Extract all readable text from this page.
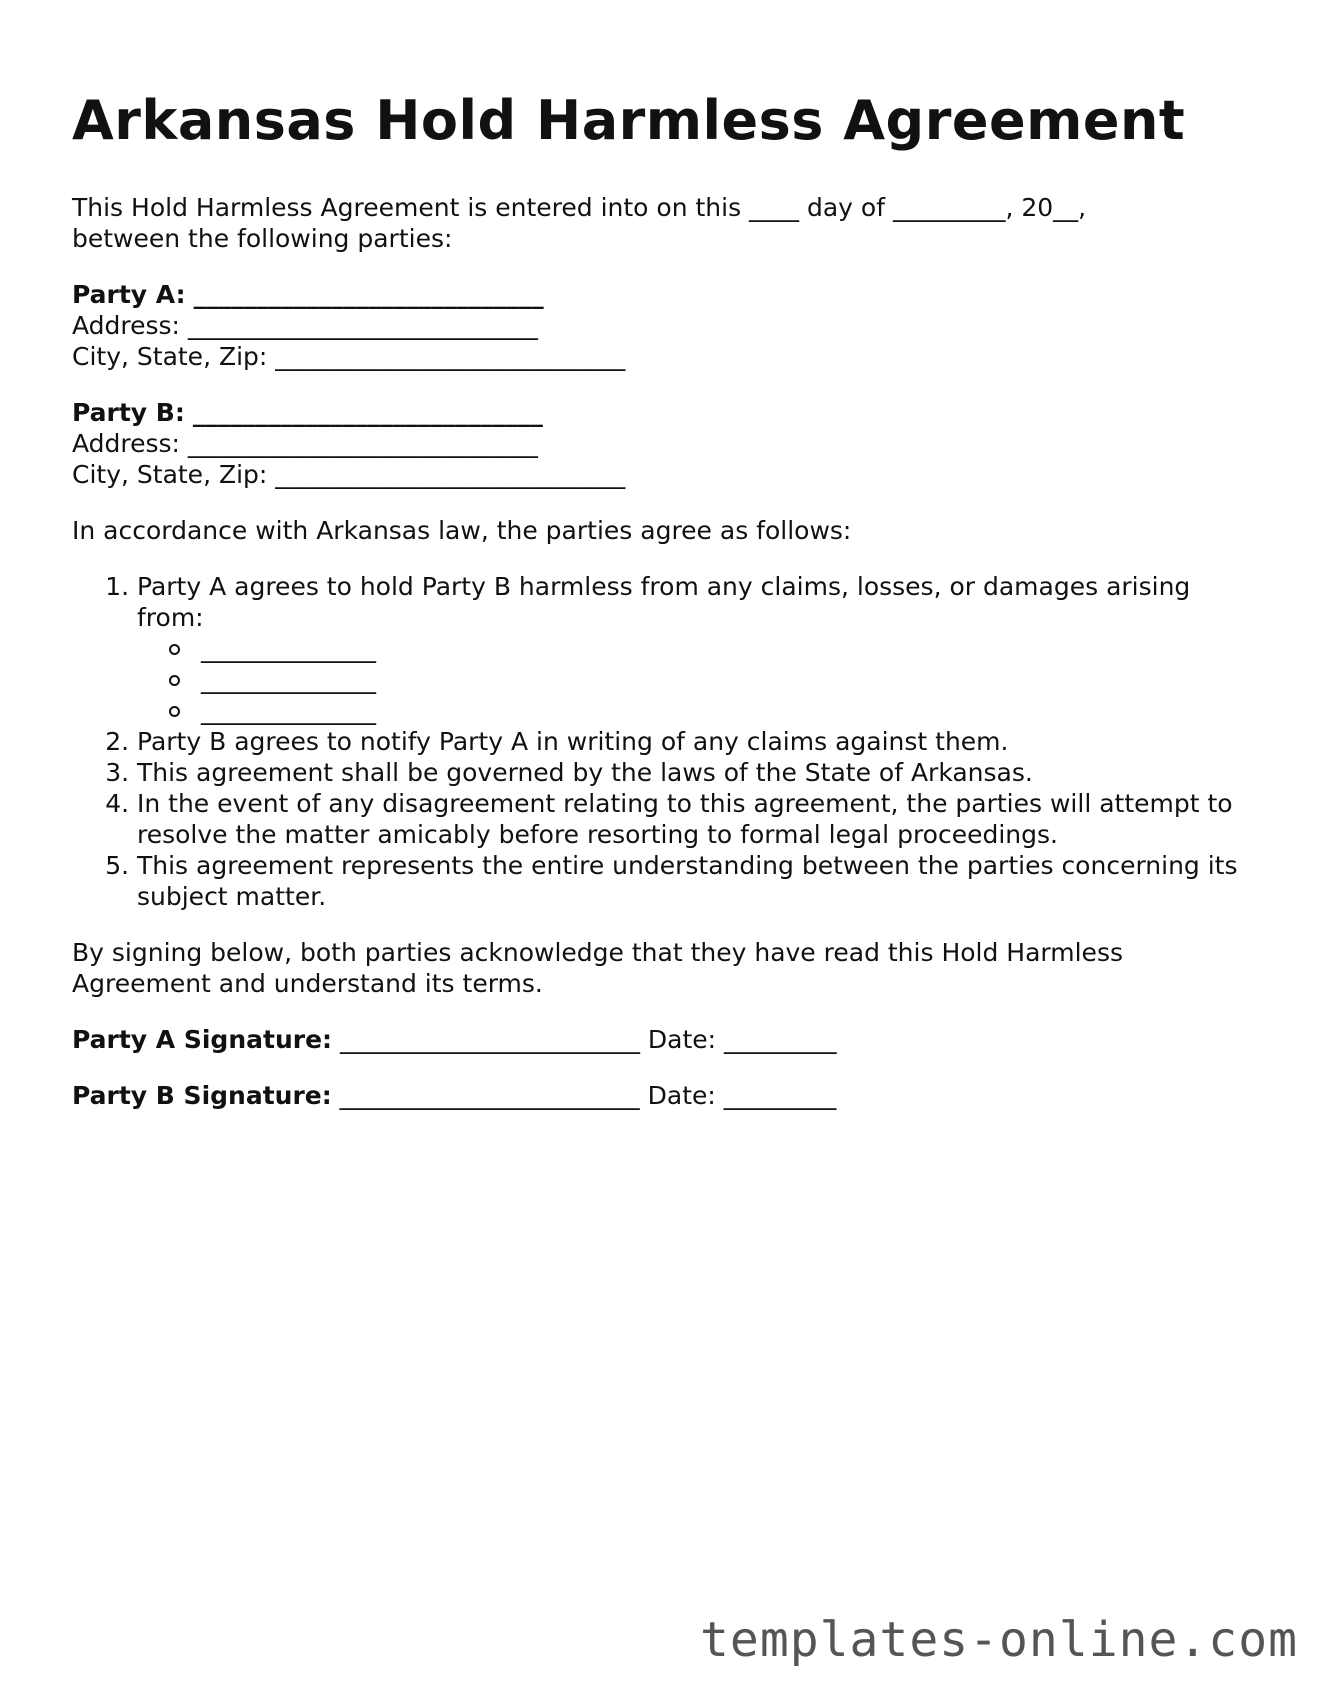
Arkansas Hold Harmless Agreement
This Hold Harmless Agreement is entered into on this ____ day of _________, 20__,
between the following parties:
Party A: ____________________________
Address: ____________________________
City, State, Zip: ____________________________
Party B: ____________________________
Address: ____________________________
City, State, Zip: ____________________________

In accordance with Arkansas law, the parties agree as follows:

1. Party A agrees to hold Party B harmless from any claims, losses, or damages arising from:
______________
______________
______________
2. Party B agrees to notify Party A in writing of any claims against them.
3. This agreement shall be governed by the laws of the State of Arkansas.
4. In the event of any disagreement relating to this agreement, the parties will attempt to resolve the matter amicably before resorting to formal legal proceedings.
5. This agreement represents the entire understanding between the parties concerning its subject matter.

By signing below, both parties acknowledge that they have read this Hold Harmless Agreement and understand its terms.

Party A Signature: ________________________ Date: _________
Party B Signature: ________________________ Date: _________
templates-online.com
